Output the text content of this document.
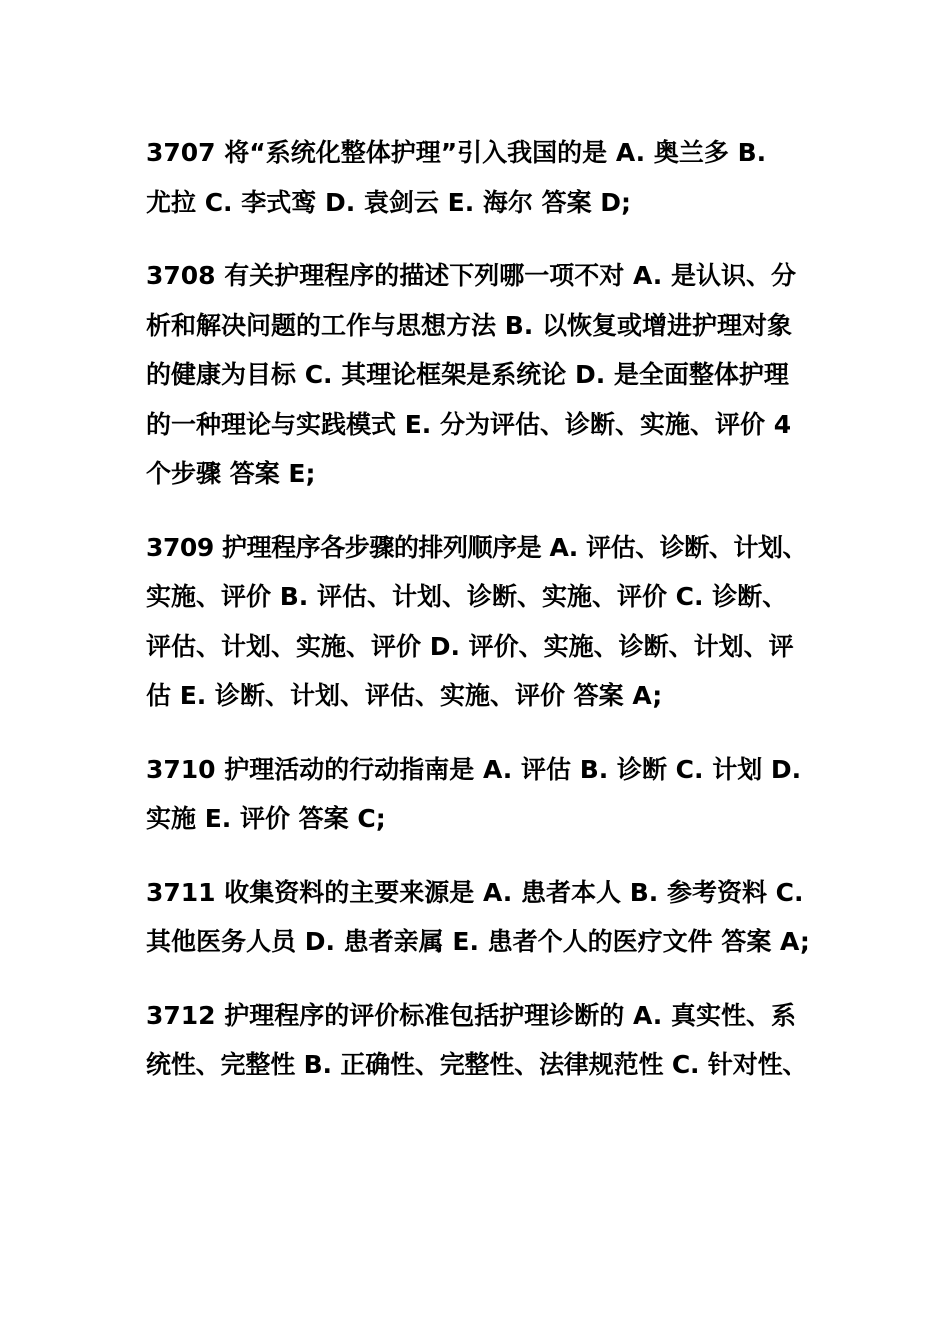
3707 将“系统化整体护理”引入我国的是 A. 奥兰多 B.
尤拉 C. 李式鸾 D. 袁剑云 E. 海尔 答案 D;
3708 有关护理程序的描述下列哪一项不对 A. 是认识、分
析和解决问题的工作与思想方法 B. 以恢复或增进护理对象
的健康为目标 C. 其理论框架是系统论 D. 是全面整体护理
的一种理论与实践模式 E. 分为评估、诊断、实施、评价 4
个步骤 答案 E;
3709 护理程序各步骤的排列顺序是 A. 评估、诊断、计划、
实施、评价 B. 评估、计划、诊断、实施、评价 C. 诊断、
评估、计划、实施、评价 D. 评价、实施、诊断、计划、评
估 E. 诊断、计划、评估、实施、评价 答案 A;
3710 护理活动的行动指南是 A. 评估 B. 诊断 C. 计划 D.
实施 E. 评价 答案 C;
3711 收集资料的主要来源是 A. 患者本人 B. 参考资料 C.
其他医务人员 D. 患者亲属 E. 患者个人的医疗文件 答案 A;
3712 护理程序的评价标准包括护理诊断的 A. 真实性、系
统性、完整性 B. 正确性、完整性、法律规范性 C. 针对性、
